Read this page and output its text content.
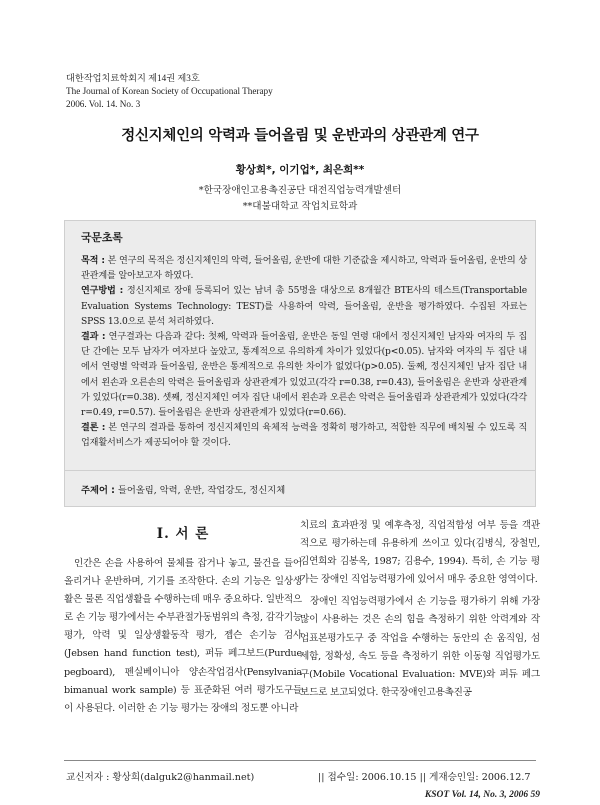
대한작업치료학회지 제14권 제3호
The Journal of Korean Society of Occupational Therapy
2006. Vol. 14. No. 3
정신지체인의 악력과 들어올림 및 운반과의 상관관계 연구
황상희*, 이기업*, 최은희**
*한국장애인고용촉진공단 대전직업능력개발센터
**대불대학교 작업치료학과
국문초록

목적 : 본 연구의 목적은 정신지체인의 악력, 들어올림, 운반에 대한 기준값을 제시하고, 악력과 들어올림, 운반의 상관관계를 알아보고자 하였다.

연구방법 : 정신지체로 장애 등록되어 있는 남녀 총 55명을 대상으로 8개월간 BTE사의 테스트(Transportable Evaluation Systems Technology: TEST)를 사용하여 악력, 들어올림, 운반을 평가하였다. 수집된 자료는 SPSS 13.0으로 분석 처리하였다.

결과 : 연구결과는 다음과 같다: 첫째, 악력과 들어올림, 운반은 동일 연령 대에서 정신지체인 남자와 여자의 두 집단 간에는 모두 남자가 여자보다 높았고, 통계적으로 유의하게 차이가 있었다(p<0.05). 남자와 여자의 두 집단 내에서 연령별 악력과 들어올림, 운반은 통계적으로 유의한 차이가 없었다(p>0.05). 둘째, 정신지체인 남자 집단 내에서 왼손과 오른손의 악력은 들어올림과 상관관계가 있었고(각각 r=0.38, r=0.43), 들어올림은 운반과 상관관계가 있었다(r=0.38). 셋째, 정신지체인 여자 집단 내에서 왼손과 오른손 악력은 들어올림과 상관관계가 있었다(각각 r=0.49, r=0.57). 들어올림은 운반과 상관관계가 있었다(r=0.66).

결론 : 본 연구의 결과를 통하여 정신지체인의 육체적 능력을 정확히 평가하고, 적합한 직무에 배치될 수 있도록 직업재활서비스가 제공되어야 할 것이다.

주제어 : 들어올림, 악력, 운반, 작업강도, 정신지체
Ⅰ. 서 론

인간은 손을 사용하여 물체를 잡거나 놓고, 물건을 들어 올리거나 운반하며, 기기를 조작한다. 손의 기능은 일상생활은 물론 직업생활을 수행하는데 매우 중요하다. 일반적으로 손 기능 평가에서는 수부관절가동범위의 측정, 감각기능평가, 악력 및 일상생활동작 평가, 젭슨 손기능 검사(Jebsen hand function test), 퍼듀 페그보드(Purdue pegboard), 펜실베이니아 양손작업검사(Pensylvania bimanual work sample) 등 표준화된 여러 평가도구들이 사용된다. 이러한 손 기능 평가는 장애의 정도뿐 아니라

치료의 효과판정 및 예후측정, 직업적합성 여부 등을 객관적으로 평가하는데 유용하게 쓰이고 있다(김병식, 장철민, 김연희와 김봉옥, 1987; 김용수, 1994). 특히, 손 기능 평가는 장애인 직업능력평가에 있어서 매우 중요한 영역이다.

장애인 직업능력평가에서 손 기능을 평가하기 위해 가장 많이 사용하는 것은 손의 힘을 측정하기 위한 악력계와 작업표본평가도구 중 작업을 수행하는 동안의 손 움직임, 섬세함, 정확성, 속도 등을 측정하기 위한 이동형 직업평가도구(Mobile Vocational Evaluation: MVE)와 퍼듀 페그보드로 보고되었다. 한국장애인고용촉진공

교신저자 : 황상희(dalguk2@hanmail.net)	|| 접수일: 2006.10.15 || 게재승인일: 2006.12.7
KSOT Vol. 14, No. 3, 2006 59
